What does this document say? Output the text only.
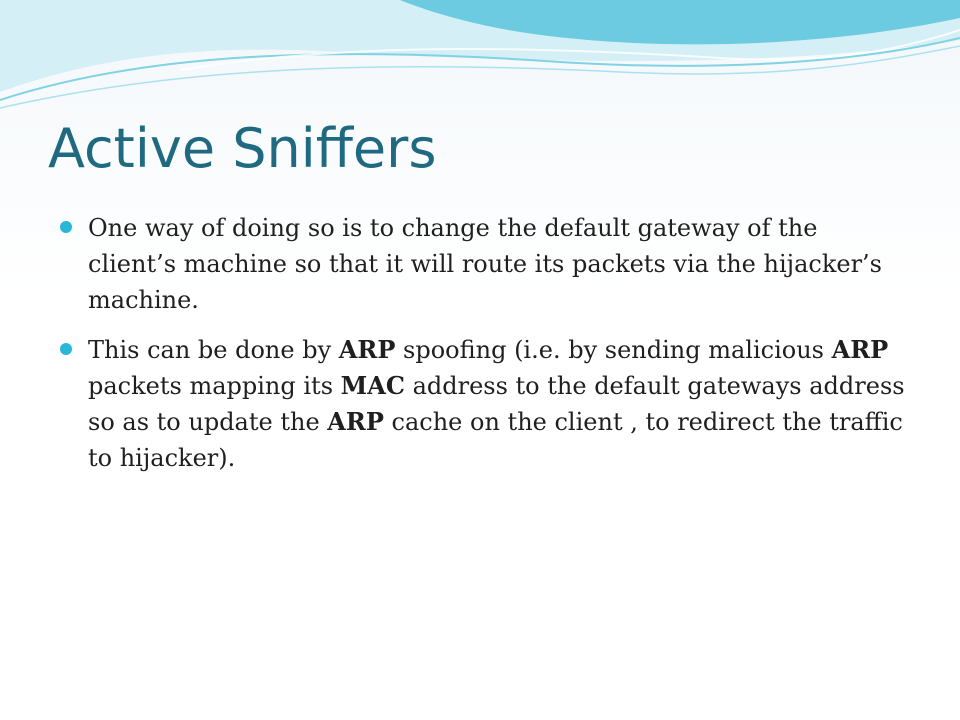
Active Sniffers
One way of doing so is to change the default gateway of the client’s machine so that it will route its packets via the hijacker’s machine.
This can be done by ARP spoofing (i.e. by sending malicious ARP packets mapping its MAC address to the default gateways address so as to update the ARP cache on the client , to redirect the traffic to hijacker).
